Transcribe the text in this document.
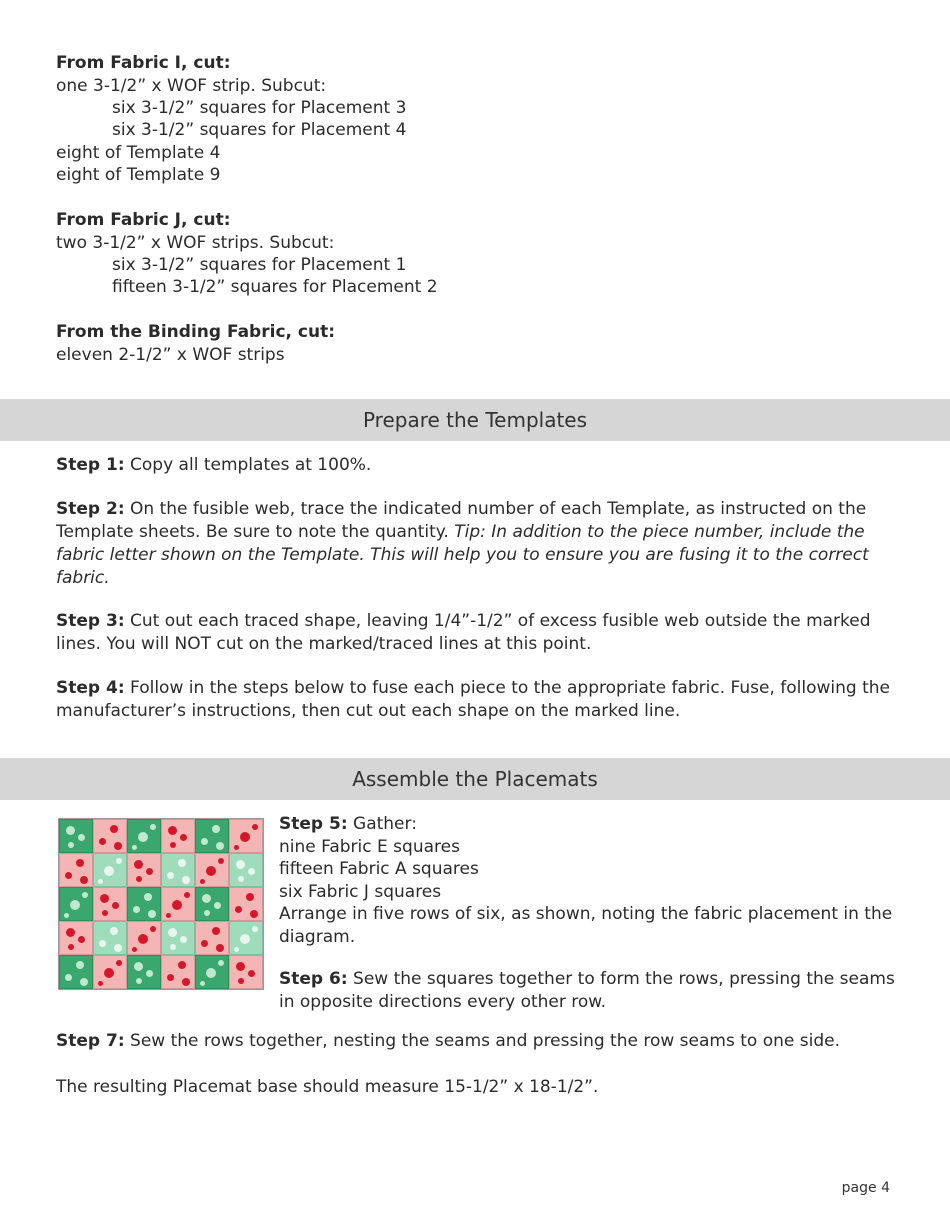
From Fabric I, cut:
one 3-1/2” x WOF strip. Subcut:
six 3-1/2” squares for Placement 3
six 3-1/2” squares for Placement 4
eight of Template 4
eight of Template 9
From Fabric J, cut:
two 3-1/2” x WOF strips. Subcut:
six 3-1/2” squares for Placement 1
fifteen 3-1/2” squares for Placement 2
From the Binding Fabric, cut:
eleven 2-1/2” x WOF strips
Prepare the Templates
Step 1: Copy all templates at 100%.
Step 2: On the fusible web, trace the indicated number of each Template, as instructed on the Template sheets. Be sure to note the quantity. Tip: In addition to the piece number, include the fabric letter shown on the Template. This will help you to ensure you are fusing it to the correct fabric.
Step 3: Cut out each traced shape, leaving 1/4”-1/2” of excess fusible web outside the marked lines. You will NOT cut on the marked/traced lines at this point.
Step 4: Follow in the steps below to fuse each piece to the appropriate fabric. Fuse, following the manufacturer’s instructions, then cut out each shape on the marked line.
Assemble the Placemats
Step 5: Gather:
nine Fabric E squares
fifteen Fabric A squares
six Fabric J squares
Arrange in five rows of six, as shown, noting the fabric placement in the diagram.
Step 6: Sew the squares together to form the rows, pressing the seams in opposite directions every other row.
Step 7: Sew the rows together, nesting the seams and pressing the row seams to one side.
The resulting Placemat base should measure 15-1/2” x 18-1/2”.
page 4
